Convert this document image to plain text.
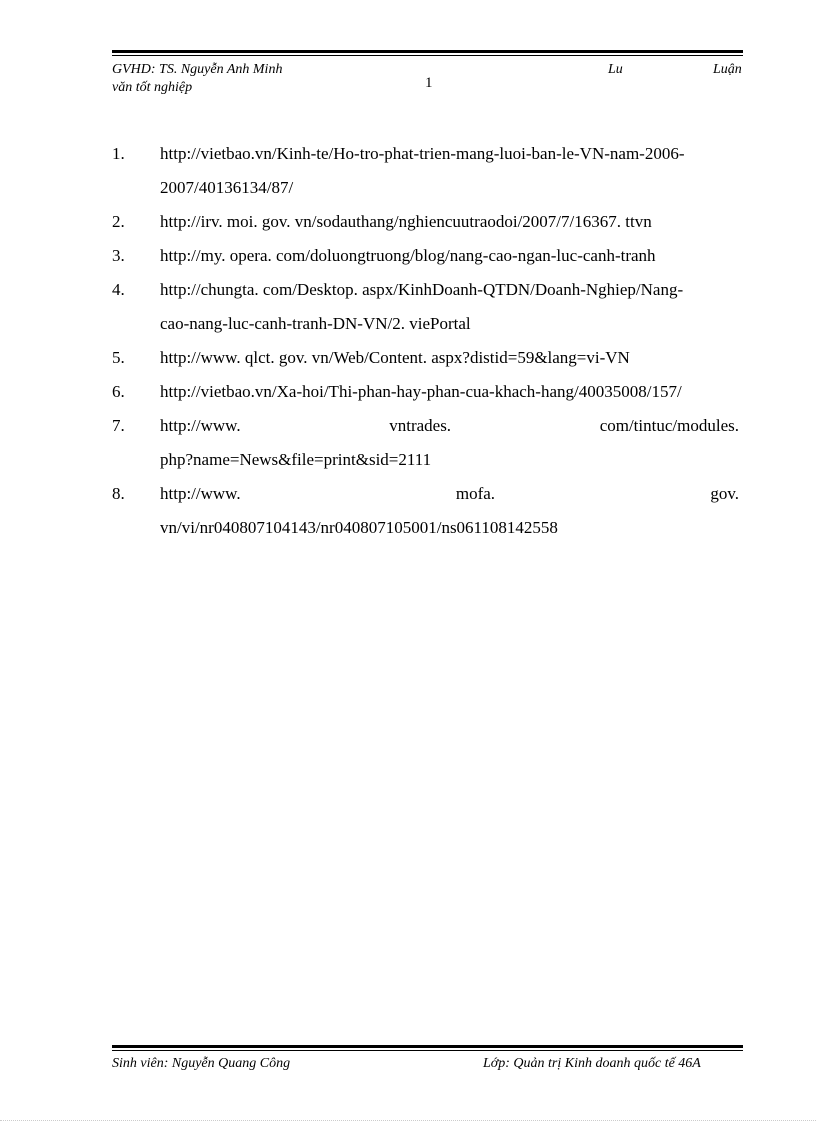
GVHD: TS. Nguyễn Anh Minh
văn tốt nghiệp	1
Lu	Luận
1.	http://vietbao.vn/Kinh-te/Ho-tro-phat-trien-mang-luoi-ban-le-VN-nam-2006-
2007/40136134/87/
2.	http://irv. moi. gov. vn/sodauthang/nghiencuutraodoi/2007/7/16367. ttvn
3.	http://my. opera. com/doluongtruong/blog/nang-cao-ngan-luc-canh-tranh
4.	http://chungta. com/Desktop. aspx/KinhDoanh-QTDN/Doanh-Nghiep/Nang-
cao-nang-luc-canh-tranh-DN-VN/2. viePortal
5.	http://www. qlct. gov. vn/Web/Content. aspx?distid=59&lang=vi-VN
6.	http://vietbao.vn/Xa-hoi/Thi-phan-hay-phan-cua-khach-hang/40035008/157/
7.	http://www.	vntrades.	com/tintuc/modules.
php?name=News&file=print&sid=2111
8.	http://www.	mofa.	gov.
vn/vi/nr040807104143/nr040807105001/ns061108142558
Sinh viên: Nguyễn Quang Công	Lớp: Quản trị Kinh doanh quốc tế 46A
